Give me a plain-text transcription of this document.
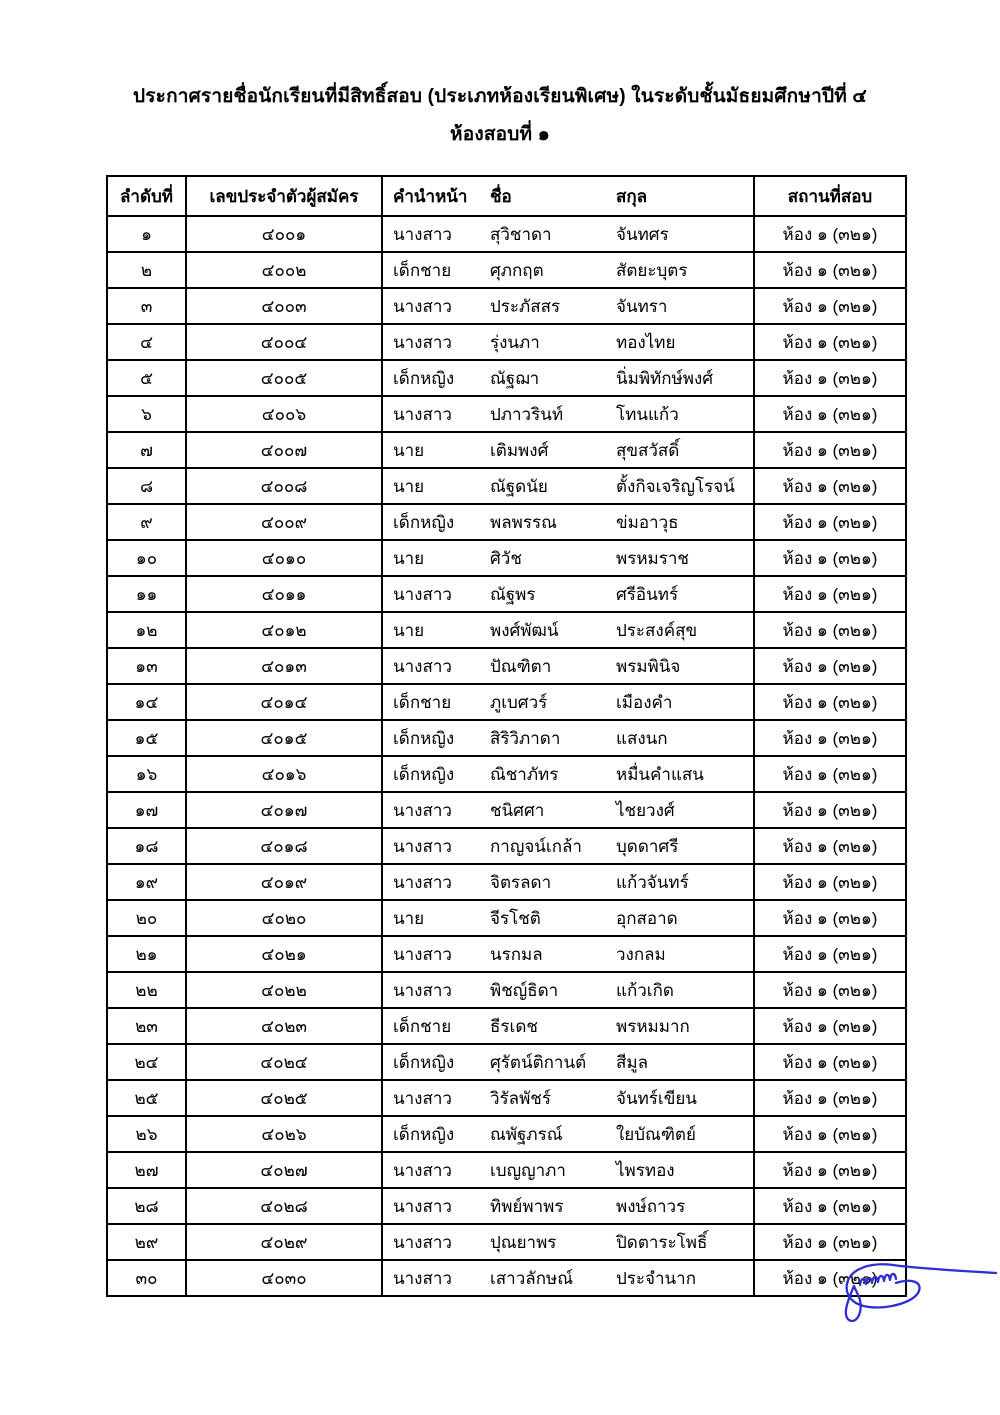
ประกาศรายชื่อนักเรียนที่มีสิทธิ์สอบ (ประเภทห้องเรียนพิเศษ) ในระดับชั้นมัธยมศึกษาปีที่ ๔
ห้องสอบที่ ๑
ลำดับที่	เลขประจำตัวผู้สมัคร	คำนำหน้า ชื่อ สกุล	สถานที่สอบ
๑	๔๐๐๑	นางสาว สุวิชาดา จันทศร	ห้อง ๑ (๓๒๑)
๒	๔๐๐๒	เด็กชาย ศุภกฤต สัตยะบุตร	ห้อง ๑ (๓๒๑)
๓	๔๐๐๓	นางสาว ประภัสสร จันทรา	ห้อง ๑ (๓๒๑)
๔	๔๐๐๔	นางสาว รุ่งนภา ทองไทย	ห้อง ๑ (๓๒๑)
๕	๔๐๐๕	เด็กหญิง ณัฐฌา นิ่มพิทักษ์พงศ์	ห้อง ๑ (๓๒๑)
๖	๔๐๐๖	นางสาว ปภาวรินท์ โทนแก้ว	ห้อง ๑ (๓๒๑)
๗	๔๐๐๗	นาย เติมพงศ์ สุขสวัสดิ์	ห้อง ๑ (๓๒๑)
๘	๔๐๐๘	นาย ณัฐดนัย ตั้งกิจเจริญโรจน์	ห้อง ๑ (๓๒๑)
๙	๔๐๐๙	เด็กหญิง พลพรรณ ข่มอาวุธ	ห้อง ๑ (๓๒๑)
๑๐	๔๐๑๐	นาย ศิวัช พรหมราช	ห้อง ๑ (๓๒๑)
๑๑	๔๐๑๑	นางสาว ณัฐพร ศรีอินทร์	ห้อง ๑ (๓๒๑)
๑๒	๔๐๑๒	นาย พงศ์พัฒน์ ประสงค์สุข	ห้อง ๑ (๓๒๑)
๑๓	๔๐๑๓	นางสาว ปัณฑิตา พรมพินิจ	ห้อง ๑ (๓๒๑)
๑๔	๔๐๑๔	เด็กชาย ภูเบศวร์ เมืองคำ	ห้อง ๑ (๓๒๑)
๑๕	๔๐๑๕	เด็กหญิง สิริวิภาดา แสงนก	ห้อง ๑ (๓๒๑)
๑๖	๔๐๑๖	เด็กหญิง ณิชาภัทร หมื่นคำแสน	ห้อง ๑ (๓๒๑)
๑๗	๔๐๑๗	นางสาว ชนิศศา ไชยวงศ์	ห้อง ๑ (๓๒๑)
๑๘	๔๐๑๘	นางสาว กาญจน์เกล้า บุดดาศรี	ห้อง ๑ (๓๒๑)
๑๙	๔๐๑๙	นางสาว จิตรลดา แก้วจันทร์	ห้อง ๑ (๓๒๑)
๒๐	๔๐๒๐	นาย จีรโชติ อุกสอาด	ห้อง ๑ (๓๒๑)
๒๑	๔๐๒๑	นางสาว นรกมล วงกลม	ห้อง ๑ (๓๒๑)
๒๒	๔๐๒๒	นางสาว พิชญ์ธิดา แก้วเกิด	ห้อง ๑ (๓๒๑)
๒๓	๔๐๒๓	เด็กชาย ธีรเดช พรหมมาก	ห้อง ๑ (๓๒๑)
๒๔	๔๐๒๔	เด็กหญิง ศุรัตน์ติกานต์ สีมูล	ห้อง ๑ (๓๒๑)
๒๕	๔๐๒๕	นางสาว วิรัลพัชร์ จันทร์เขียน	ห้อง ๑ (๓๒๑)
๒๖	๔๐๒๖	เด็กหญิง ณพัฐภรณ์ ใยบัณฑิตย์	ห้อง ๑ (๓๒๑)
๒๗	๔๐๒๗	นางสาว เบญญาภา ไพรทอง	ห้อง ๑ (๓๒๑)
๒๘	๔๐๒๘	นางสาว ทิพย์พาพร พงษ์ถาวร	ห้อง ๑ (๓๒๑)
๒๙	๔๐๒๙	นางสาว ปุณยาพร ปิดตาระโพธิ์	ห้อง ๑ (๓๒๑)
๓๐	๔๐๓๐	นางสาว เสาวลักษณ์ ประจำนาก	ห้อง ๑ (๓๒๑)
